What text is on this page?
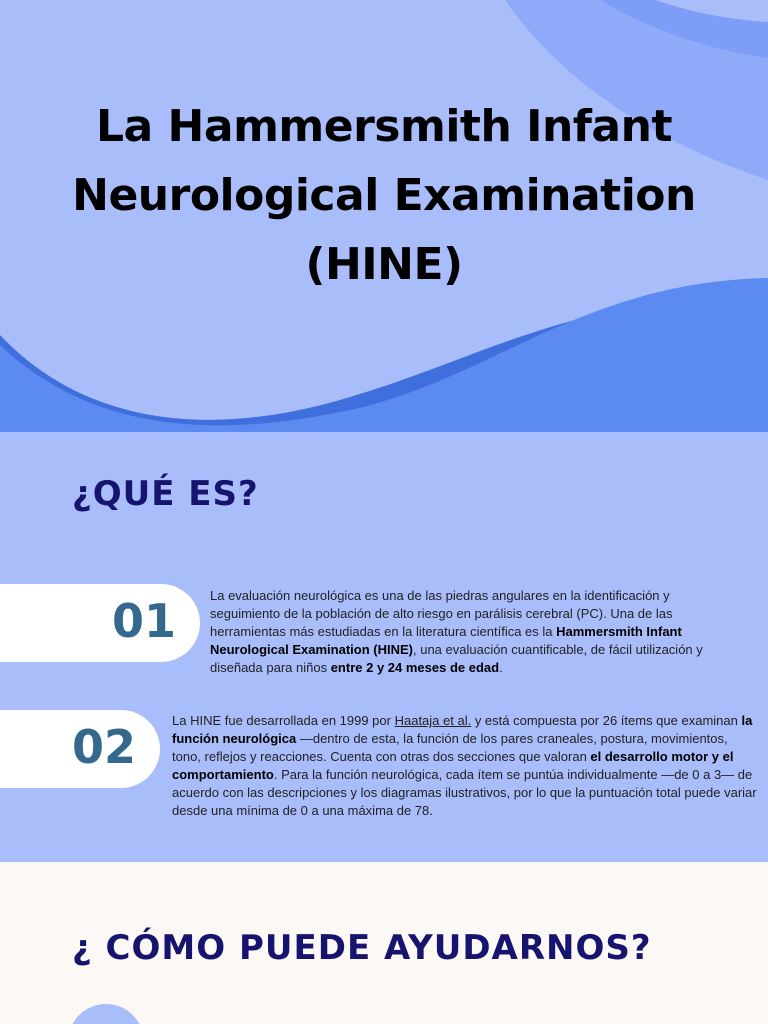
La Hammersmith Infant
Neurological Examination
(HINE)
¿QUÉ ES?
01	La evaluación neurológica es una de las piedras angulares en la identificación y seguimiento de la población de alto riesgo en parálisis cerebral (PC). Una de las herramientas más estudiadas en la literatura científica es la Hammersmith Infant Neurological Examination (HINE), una evaluación cuantificable, de fácil utilización y diseñada para niños entre 2 y 24 meses de edad.
02	La HINE fue desarrollada en 1999 por Haataja et al. y está compuesta por 26 ítems que examinan la función neurológica —dentro de esta, la función de los pares craneales, postura, movimientos, tono, reflejos y reacciones. Cuenta con otras dos secciones que valoran el desarrollo motor y el comportamiento. Para la función neurológica, cada ítem se puntúa individualmente —de 0 a 3— de acuerdo con las descripciones y los diagramas ilustrativos, por lo que la puntuación total puede variar desde una mínima de 0 a una máxima de 78.
¿ CÓMO PUEDE AYUDARNOS?
